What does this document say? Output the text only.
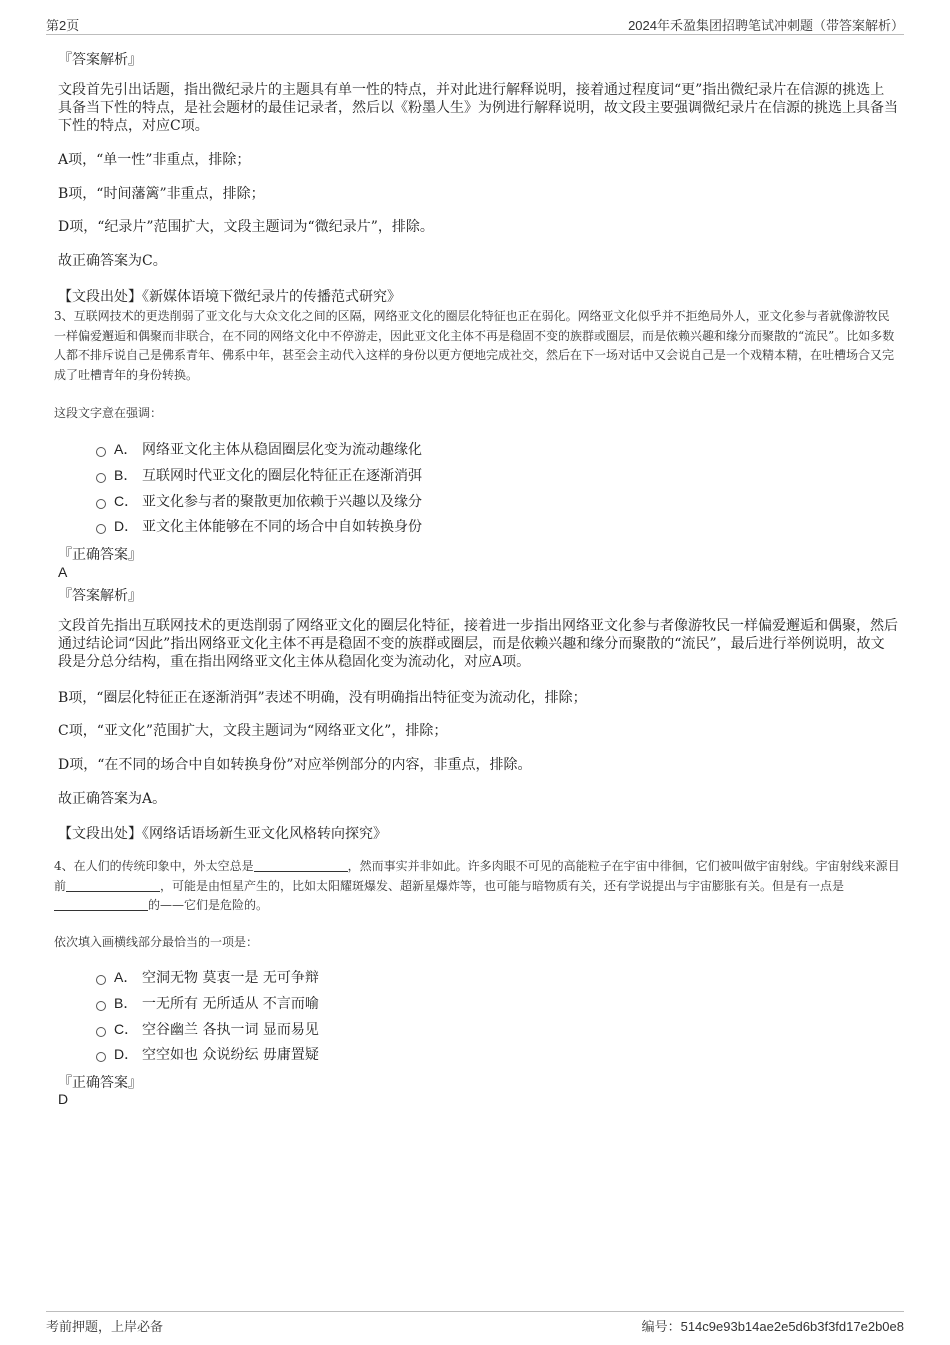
第2页	2024年禾盈集团招聘笔试冲刺题（带答案解析）
『答案解析』
文段首先引出话题，指出微纪录片的主题具有单一性的特点，并对此进行解释说明，接着通过程度词“更”指出微纪录片在信源的挑选上具备当下性的特点，是社会题材的最佳记录者，然后以《粉墨人生》为例进行解释说明，故文段主要强调微纪录片在信源的挑选上具备当下性的特点，对应C项。
A项，“单一性”非重点，排除；
B项，“时间藩篱”非重点，排除；
D项，“纪录片”范围扩大，文段主题词为“微纪录片”，排除。
故正确答案为C。
【文段出处】《新媒体语境下微纪录片的传播范式研究》
3、互联网技术的更迭削弱了亚文化与大众文化之间的区隔，网络亚文化的圈层化特征也正在弱化。网络亚文化似乎并不拒绝局外人，亚文化参与者就像游牧民一样偏爱邂逅和偶聚而非联合，在不同的网络文化中不停游走，因此亚文化主体不再是稳固不变的族群或圈层，而是依赖兴趣和缘分而聚散的“流民”。比如多数人都不排斥说自己是佛系青年、佛系中年，甚至会主动代入这样的身份以更方便地完成社交，然后在下一场对话中又会说自己是一个戏精本精，在吐槽场合又完成了吐槽青年的身份转换。
这段文字意在强调：
A． 网络亚文化主体从稳固圈层化变为流动趣缘化
B． 互联网时代亚文化的圈层化特征正在逐渐消弭
C． 亚文化参与者的聚散更加依赖于兴趣以及缘分
D． 亚文化主体能够在不同的场合中自如转换身份
『正确答案』
A
『答案解析』
文段首先指出互联网技术的更迭削弱了网络亚文化的圈层化特征，接着进一步指出网络亚文化参与者像游牧民一样偏爱邂逅和偶聚，然后通过结论词“因此”指出网络亚文化主体不再是稳固不变的族群或圈层，而是依赖兴趣和缘分而聚散的“流民”，最后进行举例说明，故文段是分总分结构，重在指出网络亚文化主体从稳固化变为流动化，对应A项。
B项，“圈层化特征正在逐渐消弭”表述不明确，没有明确指出特征变为流动化，排除；
C项，“亚文化”范围扩大，文段主题词为“网络亚文化”，排除；
D项，“在不同的场合中自如转换身份”对应举例部分的内容，非重点，排除。
故正确答案为A。
【文段出处】《网络话语场新生亚文化风格转向探究》
4、在人们的传统印象中，外太空总是	，然而事实并非如此。许多肉眼不可见的高能粒子在宇宙中徘徊，它们被叫做宇宙射线。宇宙射线来源目前	，可能是由恒星产生的，比如太阳耀斑爆发、超新星爆炸等，也可能与暗物质有关，还有学说提出与宇宙膨胀有关。但是有一点是的——它们是危险的。
依次填入画横线部分最恰当的一项是：
A． 空洞无物 莫衷一是 无可争辩
B． 一无所有 无所适从 不言而喻
C． 空谷幽兰 各执一词 显而易见
D． 空空如也 众说纷纭 毋庸置疑
『正确答案』
D
考前押题，上岸必备	编号：514c9e93b14ae2e5d6b3f3fd17e2b0e8
